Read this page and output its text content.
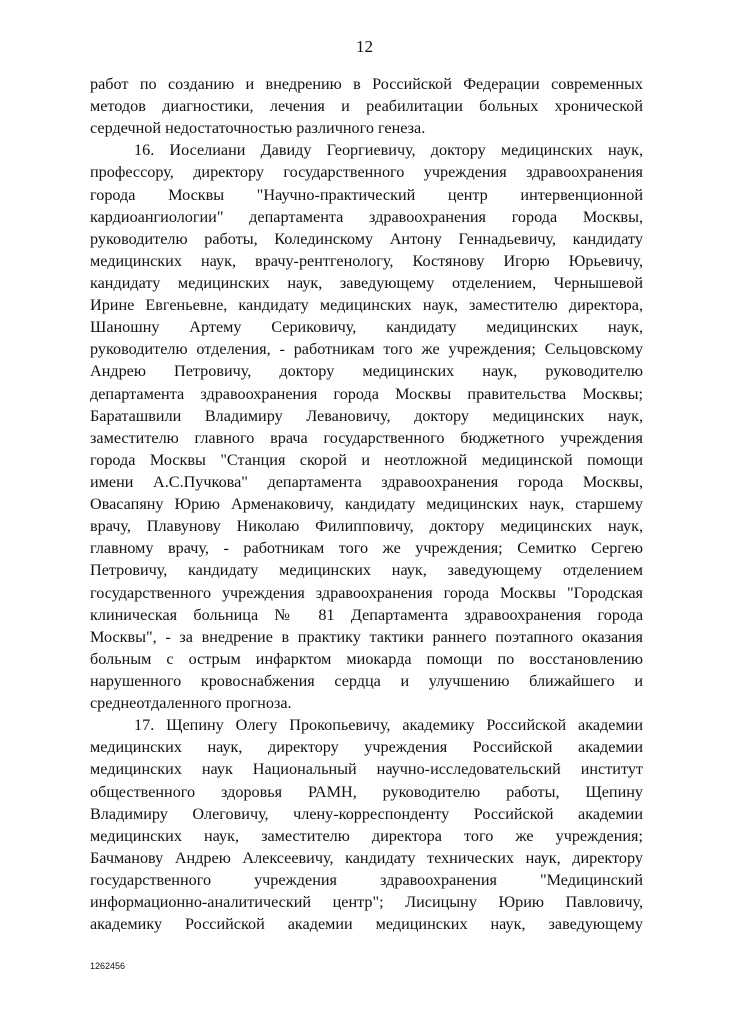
12
работ по созданию и внедрению в Российской Федерации современных
методов диагностики, лечения и реабилитации больных хронической
сердечной недостаточностью различного генеза.
16. Иоселиани Давиду Георгиевичу, доктору медицинских наук,
профессору, директору государственного учреждения здравоохранения
города Москвы "Научно-практический центр интервенционной
кардиоангиологии" департамента здравоохранения города Москвы,
руководителю работы, Колединскому Антону Геннадьевичу, кандидату
медицинских наук, врачу-рентгенологу, Костянову Игорю Юрьевичу,
кандидату медицинских наук, заведующему отделением, Чернышевой
Ирине Евгеньевне, кандидату медицинских наук, заместителю директора,
Шаношну Артему Сериковичу, кандидату медицинских наук,
руководителю отделения, - работникам того же учреждения; Сельцовскому
Андрею Петровичу, доктору медицинских наук, руководителю
департамента здравоохранения города Москвы правительства Москвы;
Бараташвили Владимиру Левановичу, доктору медицинских наук,
заместителю главного врача государственного бюджетного учреждения
города Москвы "Станция скорой и неотложной медицинской помощи
имени А.С.Пучкова" департамента здравоохранения города Москвы,
Овасапяну Юрию Арменаковичу, кандидату медицинских наук, старшему
врачу, Плавунову Николаю Филипповичу, доктору медицинских наук,
главному врачу, - работникам того же учреждения; Семитко Сергею
Петровичу, кандидату медицинских наук, заведующему отделением
государственного учреждения здравоохранения города Москвы "Городская
клиническая больница № 81 Департамента здравоохранения города
Москвы", - за внедрение в практику тактики раннего поэтапного оказания
больным с острым инфарктом миокарда помощи по восстановлению
нарушенного кровоснабжения сердца и улучшению ближайшего и
среднеотдаленного прогноза.
17. Щепину Олегу Прокопьевичу, академику Российской академии
медицинских наук, директору учреждения Российской академии
медицинских наук Национальный научно-исследовательский институт
общественного здоровья РАМН, руководителю работы, Щепину
Владимиру Олеговичу, члену-корреспонденту Российской академии
медицинских наук, заместителю директора того же учреждения;
Бачманову Андрею Алексеевичу, кандидату технических наук, директору
государственного учреждения здравоохранения "Медицинский
информационно-аналитический центр"; Лисицыну Юрию Павловичу,
академику Российской академии медицинских наук, заведующему
1262456
